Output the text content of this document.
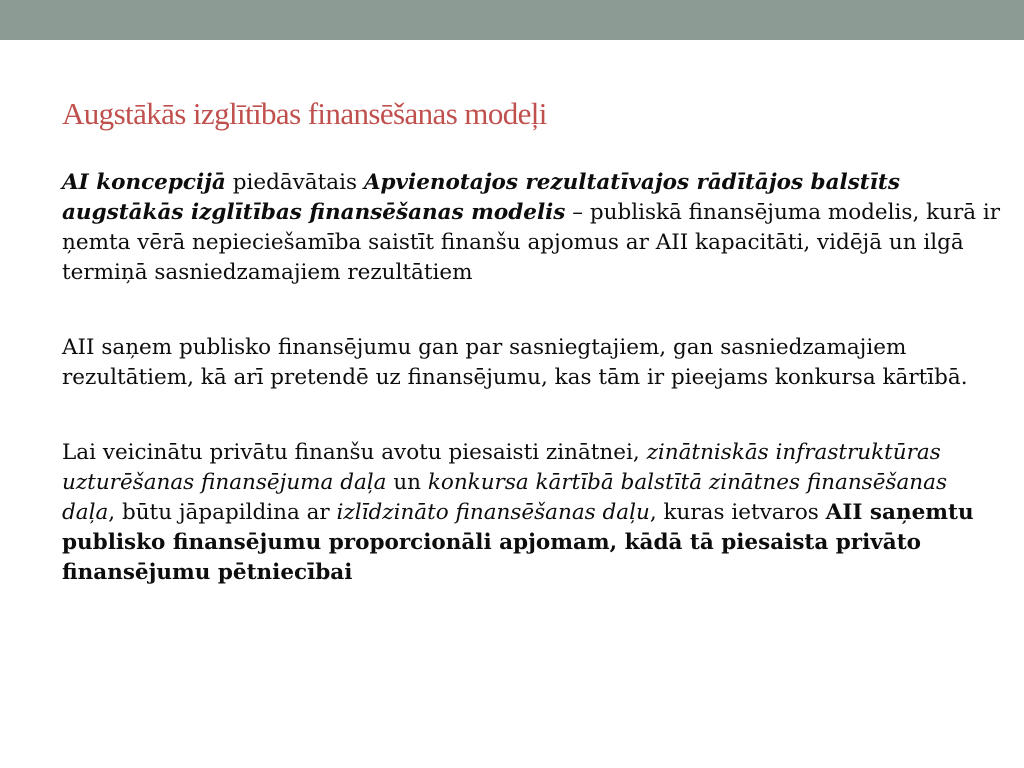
Augstākās izglītības finansēšanas modeļi

AI koncepcijā piedāvātais Apvienotajos rezultatīvajos rādītājos balstīts augstākās izglītības finansēšanas modelis – publiskā finansējuma modelis, kurā ir ņemta vērā nepieciešamība saistīt finanšu apjomus ar AII kapacitāti, vidējā un ilgā termiņā sasniedzamajiem rezultātiem

AII saņem publisko finansējumu gan par sasniegtajiem, gan sasniedzamajiem rezultātiem, kā arī pretendē uz finansējumu, kas tām ir pieejams konkursa kārtībā.

Lai veicinātu privātu finanšu avotu piesaisti zinātnei, zinātniskās infrastruktūras uzturēšanas finansējuma daļa un konkursa kārtībā balstītā zinātnes finansēšanas daļa, būtu jāpapildina ar izlīdzināto finansēšanas daļu, kuras ietvaros AII saņemtu publisko finansējumu proporcionāli apjomam, kādā tā piesaista privāto finansējumu pētniecībai
